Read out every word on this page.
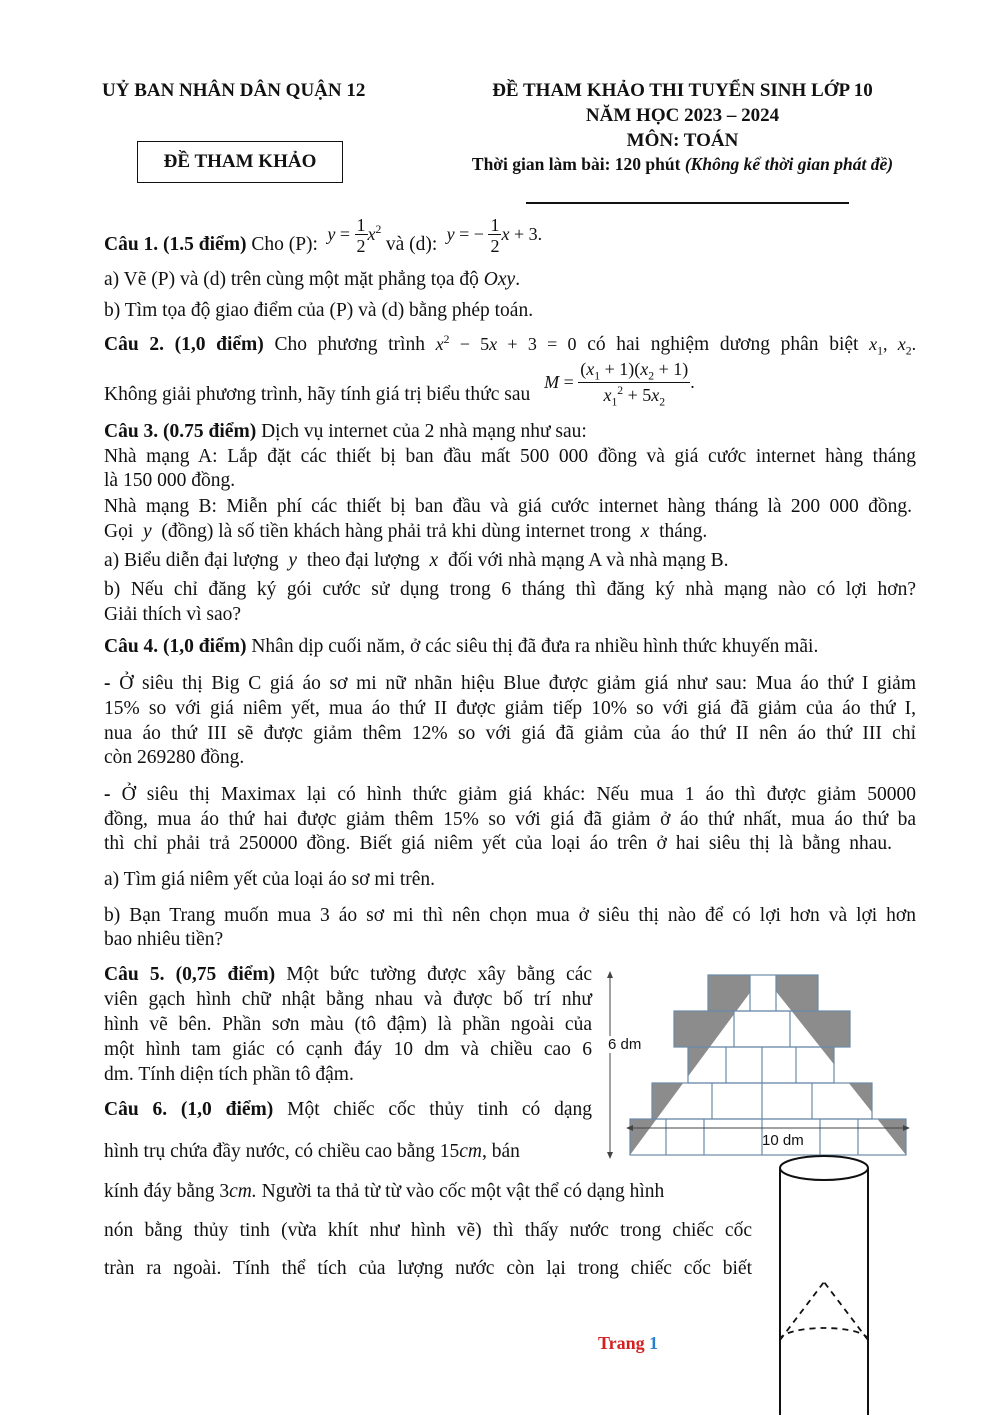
UỶ BAN NHÂN DÂN QUẬN 12
ĐỀ THAM KHẢO
ĐỀ THAM KHẢO THI TUYỂN SINH LỚP 10
NĂM HỌC 2023 – 2024
MÔN: TOÁN
Thời gian làm bài: 120 phút (Không kể thời gian phát đề)
Câu 1. (1.5 điểm) Cho (P): $y = \frac{1}{2} x^2$ và (d): y = − $\frac{1}{2}$ x + 3.
a) Vẽ (P) và (d) trên cùng một mặt phẳng tọa độ Oxy.
b) Tìm tọa độ giao điểm của (P) và (d) bằng phép toán.
Câu 2. (1,0 điểm) Cho phương trình $x^2 - 5x + 3 = 0$ có hai nghiệm dương phân biệt $x_1$, $x_2$.
Không giải phương trình, hãy tính giá trị biểu thức sau   $M = \frac{(x_1 + 1)(x_2 + 1)}{x_1^2 + 5x_2}$ .
Câu 3. (0.75 điểm) Dịch vụ internet của 2 nhà mạng như sau:
Nhà mạng A: Lắp đặt các thiết bị ban đầu mất 500 000 đồng và giá cước internet hàng tháng
là 150 000 đồng.
Nhà mạng B: Miễn phí các thiết bị ban đầu và giá cước internet hàng tháng là 200 000 đồng.
Gọi  y  (đồng) là số tiền khách hàng phải trả khi dùng internet trong  x  tháng.
a) Biểu diễn đại lượng  y  theo đại lượng  x  đối với nhà mạng A và nhà mạng B.
b) Nếu chỉ đăng ký gói cước sử dụng trong 6 tháng thì đăng ký nhà mạng nào có lợi hơn?
Giải thích vì sao?
Câu 4. (1,0 điểm) Nhân dịp cuối năm, ở các siêu thị đã đưa ra nhiều hình thức khuyến mãi.
- Ở siêu thị Big C giá áo sơ mi nữ nhãn hiệu Blue được giảm giá như sau: Mua áo thứ I giảm
15% so với giá niêm yết, mua áo thứ II được giảm tiếp 10% so với giá đã giảm của áo thứ I,
nua áo thứ III sẽ được giảm thêm 12% so với giá đã giảm của áo thứ II nên áo thứ III chỉ
còn 269280 đồng.
- Ở siêu thị Maximax lại có hình thức giảm giá khác: Nếu mua 1 áo thì được giảm 50000
đồng, mua áo thứ hai được giảm thêm 15% so với giá đã giảm ở áo thứ nhất, mua áo thứ ba
thì chỉ phải trả 250000 đồng. Biết giá niêm yết của loại áo trên ở hai siêu thị là bằng nhau.
a) Tìm giá niêm yết của loại áo sơ mi trên.
b) Bạn Trang muốn mua 3 áo sơ mi thì nên chọn mua ở siêu thị nào để có lợi hơn và lợi hơn
bao nhiêu tiền?
Câu 5. (0,75 điểm) Một bức tường được xây bằng các
viên gạch hình chữ nhật bằng nhau và được bố trí như
hình vẽ bên. Phần sơn màu (tô đậm) là phần ngoài của
một hình tam giác có cạnh đáy 10 dm và chiều cao 6
dm. Tính diện tích phần tô đậm.
6 dm
10 dm
Câu 6. (1,0 điểm) Một chiếc cốc thủy tinh có dạng
hình trụ chứa đầy nước, có chiều cao bằng 15cm, bán
kính đáy bằng 3cm. Người ta thả từ từ vào cốc một vật thể có dạng hình
nón bằng thủy tinh (vừa khít như hình vẽ) thì thấy nước trong chiếc cốc
tràn ra ngoài. Tính thể tích của lượng nước còn lại trong chiếc cốc biết
Trang 1
